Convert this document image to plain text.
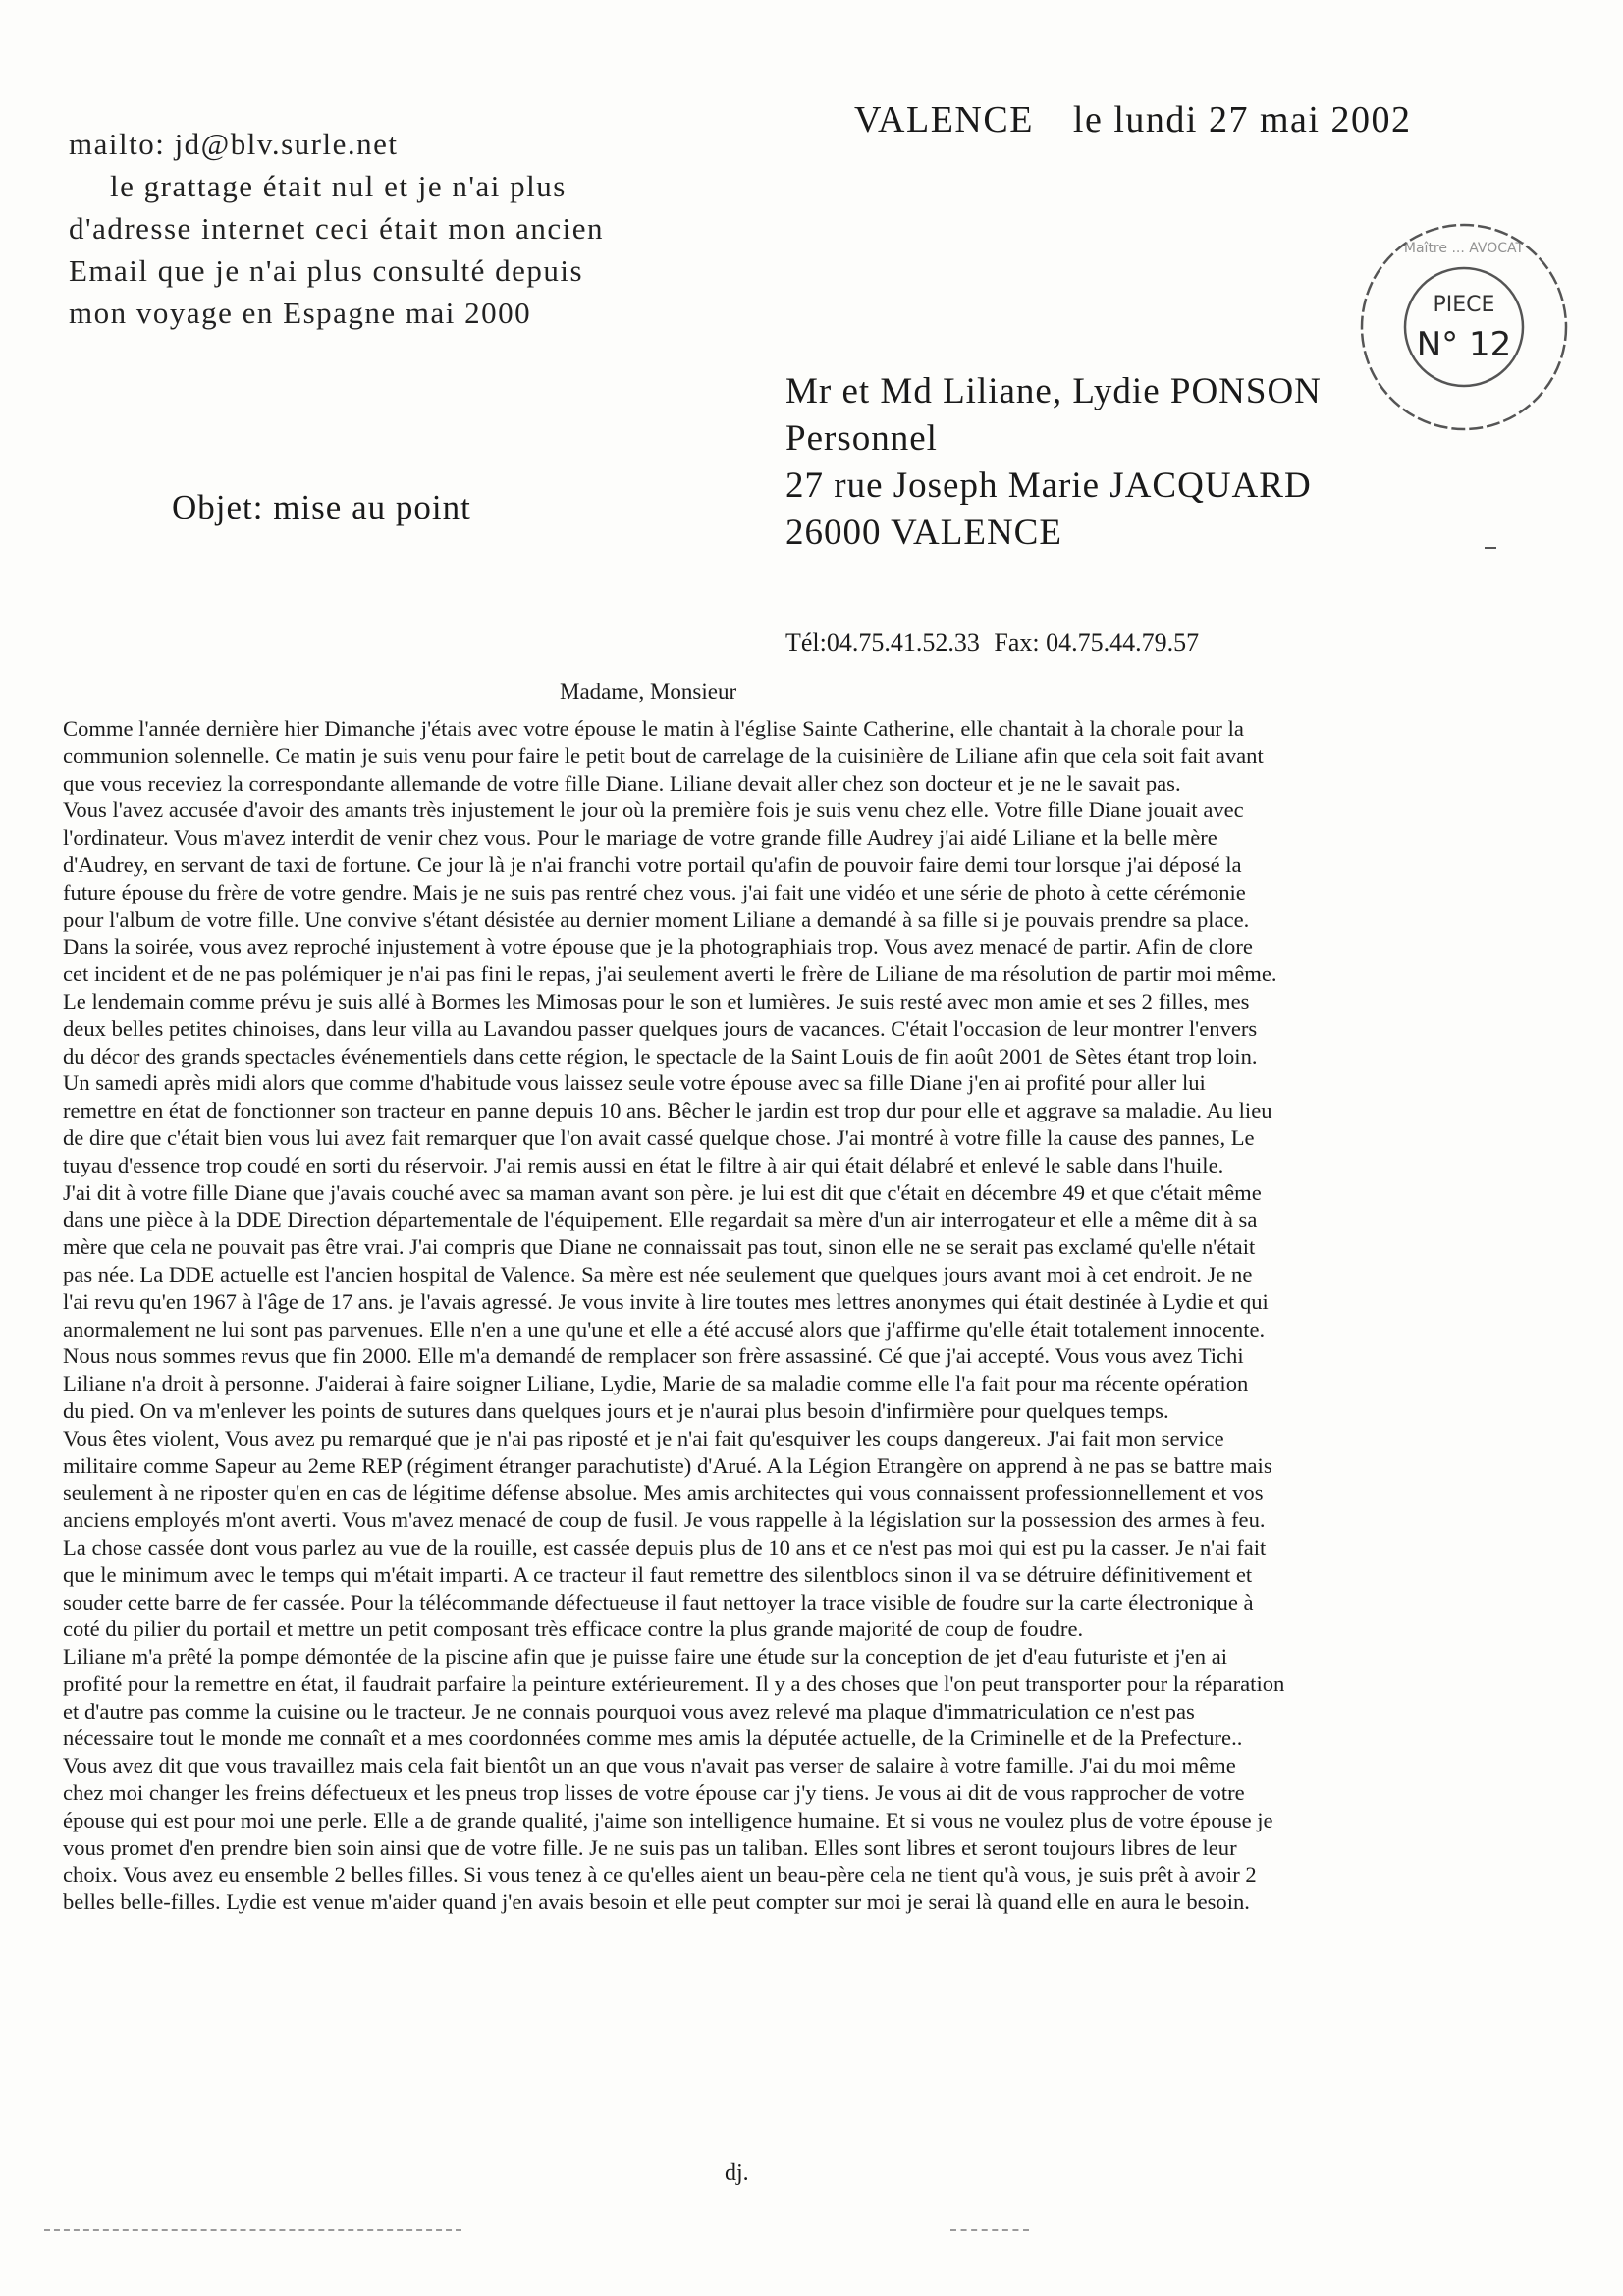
mailto: jd@blv.surle.net
le grattage était nul et je n'ai plus
d'adresse internet ceci était mon ancien
Email que je n'ai plus consulté depuis
mon voyage en Espagne mai 2000
VALENCE le lundi 27 mai 2002
PIECE
N° 12
Maître ... AVOCAT
Mr et Md Liliane, Lydie PONSON
Personnel
27 rue Joseph Marie JACQUARD
26000 VALENCE
Objet: mise au point
Tél:04.75.41.52.33 Fax: 04.75.44.79.57
Madame, Monsieur
Comme l'année dernière hier Dimanche j'étais avec votre épouse le matin à l'église Sainte Catherine, elle chantait à la chorale pour la
communion solennelle. Ce matin je suis venu pour faire le petit bout de carrelage de la cuisinière de Liliane afin que cela soit fait avant
que vous receviez la correspondante allemande de votre fille Diane. Liliane devait aller chez son docteur et je ne le savait pas.
Vous l'avez accusée d'avoir des amants très injustement le jour où la première fois je suis venu chez elle. Votre fille Diane jouait avec
l'ordinateur. Vous m'avez interdit de venir chez vous. Pour le mariage de votre grande fille Audrey j'ai aidé Liliane et la belle mère
d'Audrey, en servant de taxi de fortune. Ce jour là je n'ai franchi votre portail qu'afin de pouvoir faire demi tour lorsque j'ai déposé la
future épouse du frère de votre gendre. Mais je ne suis pas rentré chez vous. j'ai fait une vidéo et une série de photo à cette cérémonie
pour l'album de votre fille. Une convive s'étant désistée au dernier moment Liliane a demandé à sa fille si je pouvais prendre sa place.
Dans la soirée, vous avez reproché injustement à votre épouse que je la photographiais trop. Vous avez menacé de partir. Afin de clore
cet incident et de ne pas polémiquer je n'ai pas fini le repas, j'ai seulement averti le frère de Liliane de ma résolution de partir moi même.
Le lendemain comme prévu je suis allé à Bormes les Mimosas pour le son et lumières. Je suis resté avec mon amie et ses 2 filles, mes
deux belles petites chinoises, dans leur villa au Lavandou passer quelques jours de vacances. C'était l'occasion de leur montrer l'envers
du décor des grands spectacles événementiels dans cette région, le spectacle de la Saint Louis de fin août 2001 de Sètes étant trop loin.
Un samedi après midi alors que comme d'habitude vous laissez seule votre épouse avec sa fille Diane j'en ai profité pour aller lui
remettre en état de fonctionner son tracteur en panne depuis 10 ans. Bêcher le jardin est trop dur pour elle et aggrave sa maladie. Au lieu
de dire que c'était bien vous lui avez fait remarquer que l'on avait cassé quelque chose. J'ai montré à votre fille la cause des pannes, Le
tuyau d'essence trop coudé en sorti du réservoir. J'ai remis aussi en état le filtre à air qui était délabré et enlevé le sable dans l'huile.
J'ai dit à votre fille Diane que j'avais couché avec sa maman avant son père. je lui est dit que c'était en décembre 49 et que c'était même
dans une pièce à la DDE Direction départementale de l'équipement. Elle regardait sa mère d'un air interrogateur et elle a même dit à sa
mère que cela ne pouvait pas être vrai. J'ai compris que Diane ne connaissait pas tout, sinon elle ne se serait pas exclamé qu'elle n'était
pas née. La DDE actuelle est l'ancien hospital de Valence. Sa mère est née seulement que quelques jours avant moi à cet endroit. Je ne
l'ai revu qu'en 1967 à l'âge de 17 ans. je l'avais agressé. Je vous invite à lire toutes mes lettres anonymes qui était destinée à Lydie et qui
anormalement ne lui sont pas parvenues. Elle n'en a une qu'une et elle a été accusé alors que j'affirme qu'elle était totalement innocente.
Nous nous sommes revus que fin 2000. Elle m'a demandé de remplacer son frère assassiné. Cé que j'ai accepté. Vous vous avez Tichi
Liliane n'a droit à personne. J'aiderai à faire soigner Liliane, Lydie, Marie de sa maladie comme elle l'a fait pour ma récente opération
du pied. On va m'enlever les points de sutures dans quelques jours et je n'aurai plus besoin d'infirmière pour quelques temps.
Vous êtes violent, Vous avez pu remarqué que je n'ai pas riposté et je n'ai fait qu'esquiver les coups dangereux. J'ai fait mon service
militaire comme Sapeur au 2eme REP (régiment étranger parachutiste) d'Arué. A la Légion Etrangère on apprend à ne pas se battre mais
seulement à ne riposter qu'en en cas de légitime défense absolue. Mes amis architectes qui vous connaissent professionnellement et vos
anciens employés m'ont averti. Vous m'avez menacé de coup de fusil. Je vous rappelle à la législation sur la possession des armes à feu.
La chose cassée dont vous parlez au vue de la rouille, est cassée depuis plus de 10 ans et ce n'est pas moi qui est pu la casser. Je n'ai fait
que le minimum avec le temps qui m'était imparti. A ce tracteur il faut remettre des silentblocs sinon il va se détruire définitivement et
souder cette barre de fer cassée. Pour la télécommande défectueuse il faut nettoyer la trace visible de foudre sur la carte électronique à
coté du pilier du portail et mettre un petit composant très efficace contre la plus grande majorité de coup de foudre.
Liliane m'a prêté la pompe démontée de la piscine afin que je puisse faire une étude sur la conception de jet d'eau futuriste et j'en ai
profité pour la remettre en état, il faudrait parfaire la peinture extérieurement. Il y a des choses que l'on peut transporter pour la réparation
et d'autre pas comme la cuisine ou le tracteur. Je ne connais pourquoi vous avez relevé ma plaque d'immatriculation ce n'est pas
nécessaire tout le monde me connaît et a mes coordonnées comme mes amis la députée actuelle, de la Criminelle et de la Prefecture..
Vous avez dit que vous travaillez mais cela fait bientôt un an que vous n'avait pas verser de salaire à votre famille. J'ai du moi même
chez moi changer les freins défectueux et les pneus trop lisses de votre épouse car j'y tiens. Je vous ai dit de vous rapprocher de votre
épouse qui est pour moi une perle. Elle a de grande qualité, j'aime son intelligence humaine. Et si vous ne voulez plus de votre épouse je
vous promet d'en prendre bien soin ainsi que de votre fille. Je ne suis pas un taliban. Elles sont libres et seront toujours libres de leur
choix. Vous avez eu ensemble 2 belles filles. Si vous tenez à ce qu'elles aient un beau-père cela ne tient qu'à vous, je suis prêt à avoir 2
belles belle-filles. Lydie est venue m'aider quand j'en avais besoin et elle peut compter sur moi je serai là quand elle en aura le besoin.
dj.
